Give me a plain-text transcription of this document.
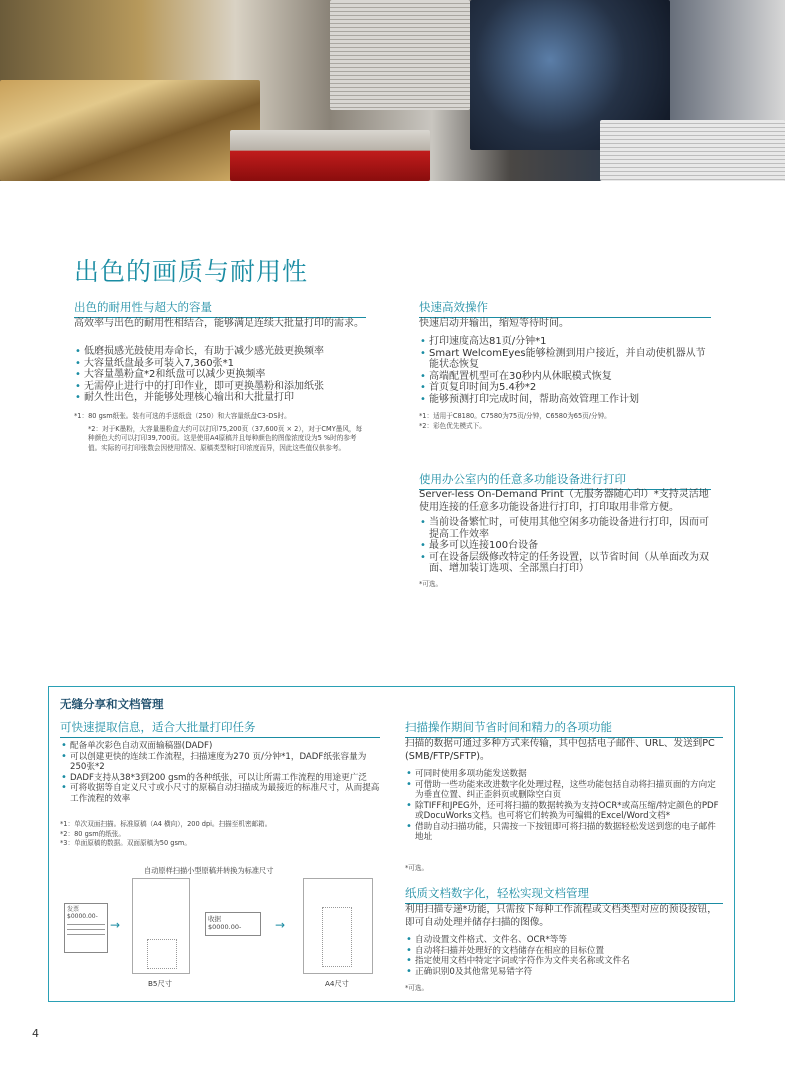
出色的画质与耐用性
出色的耐用性与超大的容量

高效率与出色的耐用性相结合，能够满足连续大批量打印的需求。

• 低磨损感光鼓使用寿命长，有助于减少感光鼓更换频率
• 大容量纸盘最多可装入7,360张*1
• 大容量墨粉盒*2和纸盘可以减少更换频率
• 无需停止进行中的打印作业，即可更换墨粉和添加纸张
• 耐久性出色，并能够处理核心输出和大批量打印

*1：80 gsm纸张。装有可选的手送纸盘（250）和大容量纸盘C3-DS时。

*2：对于K墨粉，大容量墨粉盒大约可以打印75,200页（37,600页 × 2），对于CMY墨风，每种颜色大约可以打印39,700页。这是使用A4原稿并且每种颜色的图像浓度设为5 %时的参考值。实际的可打印张数会因使用情况、原稿类型和打印浓度而异，因此这些值仅供参考。

快速高效操作

快速启动并输出，缩短等待时间。

• 打印速度高达81页/分钟*1
• Smart WelcomEyes能够检测到用户接近，并自动使机器从节能状态恢复
• 高端配置机型可在30秒内从休眠模式恢复
• 首页复印时间为5.4秒*2
• 能够预测打印完成时间，帮助高效管理工作计划

*1：适用于C8180。C7580为75页/分钟，C6580为65页/分钟。

*2：彩色优先模式下。

使用办公室内的任意多功能设备进行打印

Server-less On-Demand Print（无服务器随心印）*支持灵活地使用连接的任意多功能设备进行打印，打印取用非常方便。

• 当前设备繁忙时，可使用其他空闲多功能设备进行打印，因而可提高工作效率
• 最多可以连接100台设备
• 可在设备层级修改特定的任务设置，以节省时间（从单面改为双面、增加装订选项、全部黑白打印）

*可选。

无缝分享和文档管理
可快速提取信息，适合大批量打印任务
• 配备单次彩色自动双面输稿器(DADF)
• 可以创建更快的连续工作流程，扫描速度为270 页/分钟*1，DADF纸张容量为250张*2
• DADF支持从38*3到200 gsm的各种纸张，可以让所需工作流程的用途更广泛
• 可将收据等自定义尺寸或小尺寸的原稿自动扫描成为最接近的标准尺寸，从而提高工作流程的效率

*1：单次双面扫描。标准原稿（A4 横向），200 dpi。扫描至机密邮箱。

*2：80 gsm的纸张。

*3：单面原稿的数据。双面原稿为50 gsm。

自动原样扫描小型原稿并转换为标准尺寸
发票
$0000.00-
→
B5尺寸
收据
$0000.00-	→
A4尺寸
扫描操作期间节省时间和精力的各项功能

扫描的数据可通过多种方式来传输，其中包括电子邮件、URL、发送到PC (SMB/FTP/SFTP)。

• 可同时使用多项功能发送数据
• 可借助一些功能来改进数字化处理过程，这些功能包括自动将扫描页面的方向定为垂直位置、纠正歪斜页或删除空白页
• 除TIFF和JPEG外，还可将扫描的数据转换为支持OCR*或高压缩/特定颜色的PDF或DocuWorks文档。也可将它们转换为可编辑的Excel/Word文档*
• 借助自动扫描功能，只需按一下按钮即可将扫描的数据轻松发送到您的电子邮件地址

*可选。

纸质文档数字化，轻松实现文档管理

利用扫描专递*功能，只需按下每种工作流程或文档类型对应的预设按钮，即可自动处理并储存扫描的图像。

• 自动设置文件格式、文件名、OCR*等等
• 自动将扫描并处理好的文档储存在相应的目标位置
• 指定使用文档中特定字词或字符作为文件夹名称或文件名
• 正确识别0及其他常见易错字符

*可选。

4
